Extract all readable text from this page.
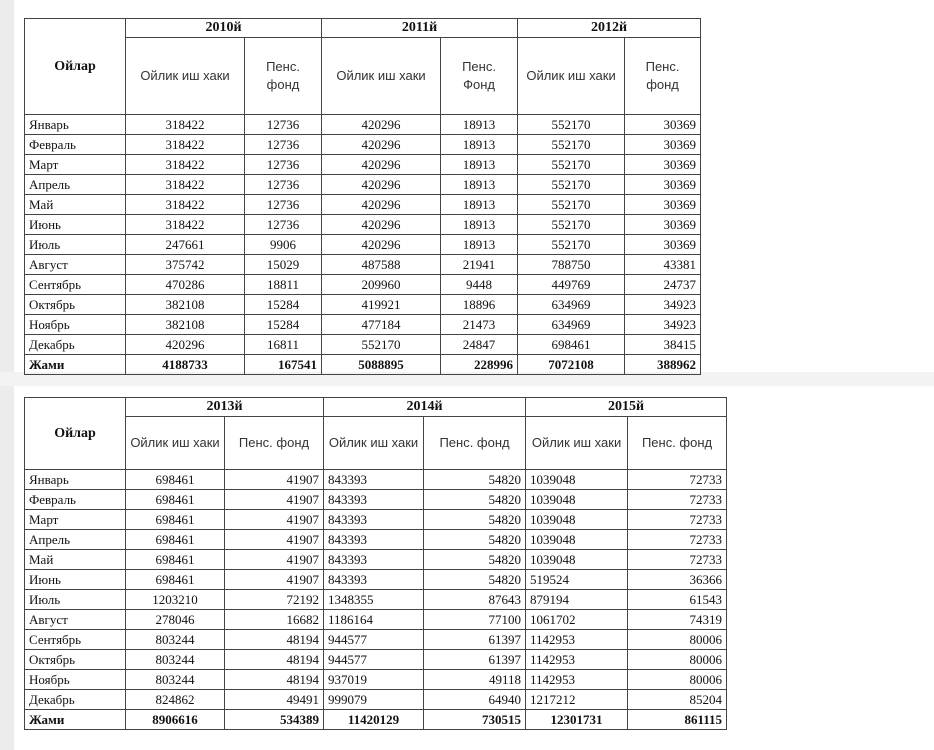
Ойлар	2010й		2011й		2012й	
	Ойлик иш хаки	Пенс. фонд	Ойлик иш хаки	Пенс. Фонд	Ойлик иш хаки	Пенс. фонд
Январь	318422	12736	420296	18913	552170	30369
Февраль	318422	12736	420296	18913	552170	30369
Март	318422	12736	420296	18913	552170	30369
Апрель	318422	12736	420296	18913	552170	30369
Май	318422	12736	420296	18913	552170	30369
Июнь	318422	12736	420296	18913	552170	30369
Июль	247661	9906	420296	18913	552170	30369
Август	375742	15029	487588	21941	788750	43381
Сентябрь	470286	18811	209960	9448	449769	24737
Октябрь	382108	15284	419921	18896	634969	34923
Ноябрь	382108	15284	477184	21473	634969	34923
Декабрь	420296	16811	552170	24847	698461	38415
Жами	4188733	167541	5088895	228996	7072108	388962
Ойлар	2013й		2014й		2015й	
	Ойлик иш хаки	Пенс. фонд	Ойлик иш хаки	Пенс. фонд	Ойлик иш хаки	Пенс. фонд
Январь	698461	41907	843393	54820	1039048	72733
Февраль	698461	41907	843393	54820	1039048	72733
Март	698461	41907	843393	54820	1039048	72733
Апрель	698461	41907	843393	54820	1039048	72733
Май	698461	41907	843393	54820	1039048	72733
Июнь	698461	41907	843393	54820	519524	36366
Июль	1203210	72192	1348355	87643	879194	61543
Август	278046	16682	1186164	77100	1061702	74319
Сентябрь	803244	48194	944577	61397	1142953	80006
Октябрь	803244	48194	944577	61397	1142953	80006
Ноябрь	803244	48194	937019	49118	1142953	80006
Декабрь	824862	49491	999079	64940	1217212	85204
Жами	8906616	534389	11420129	730515	12301731	861115
